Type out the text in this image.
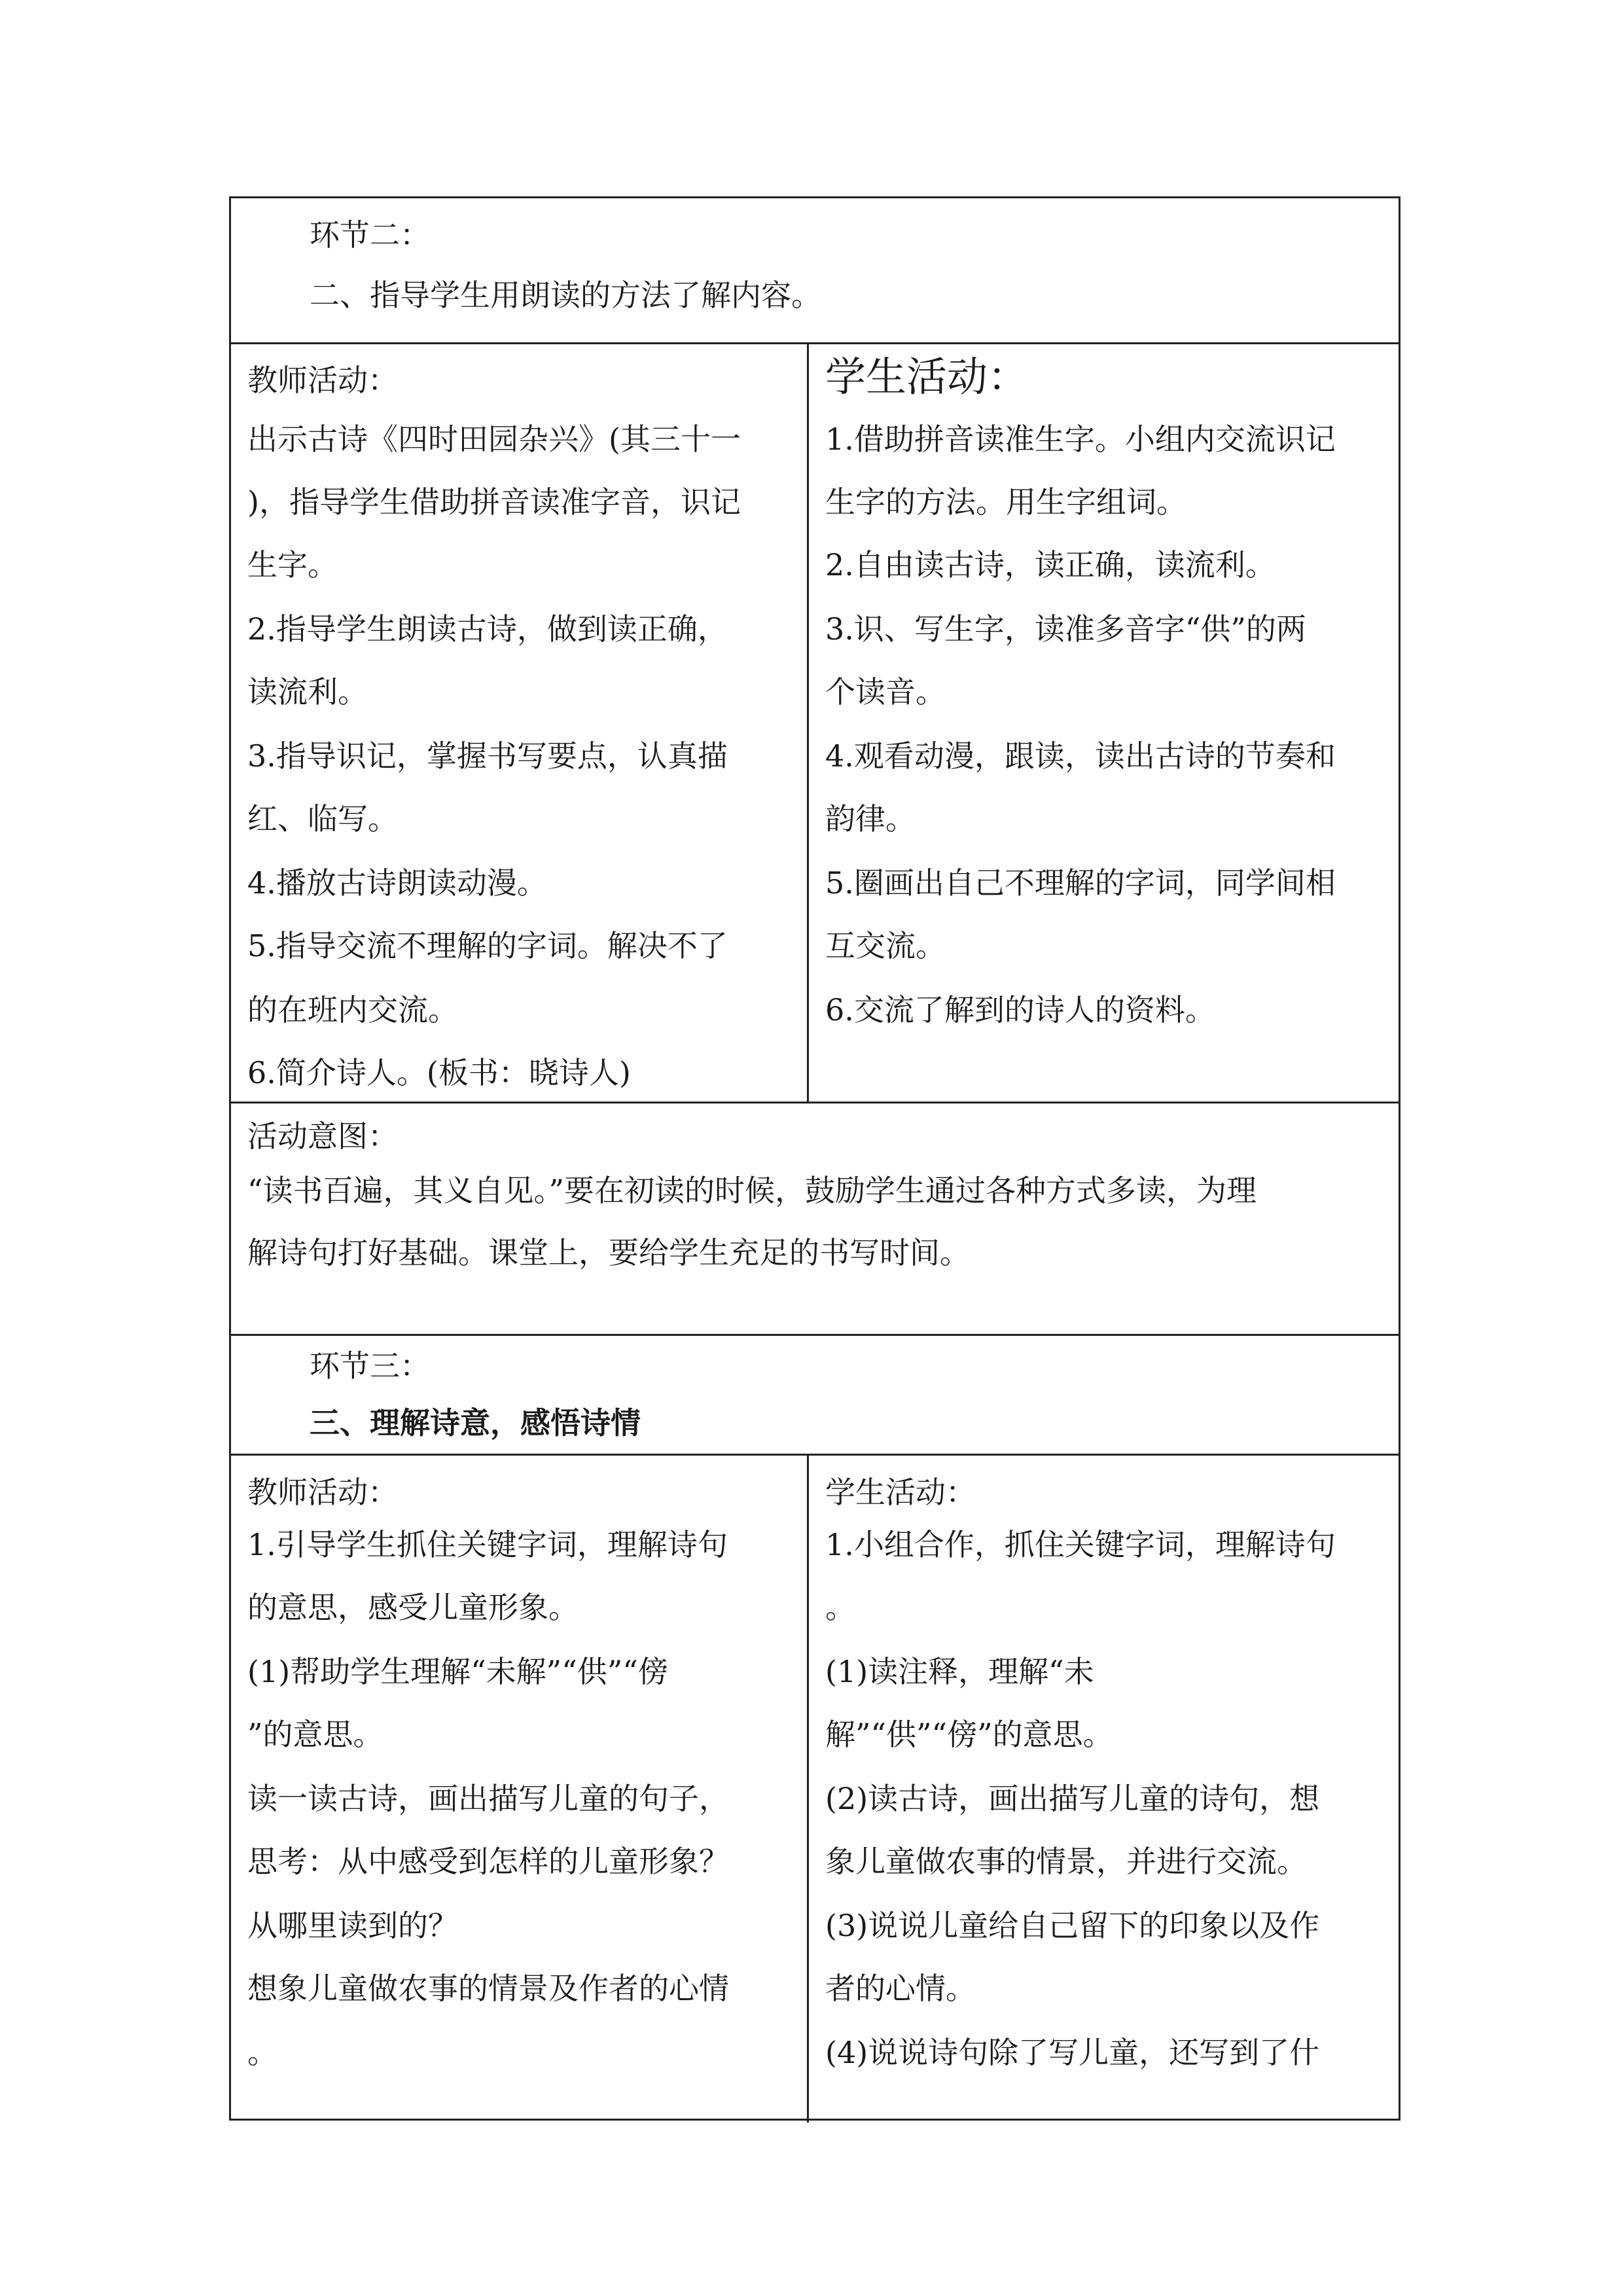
环节二：
二、指导学生用朗读的方法了解内容。
教师活动：
出示古诗《四时田园杂兴》(其三十一
)，指导学生借助拼音读准字音，识记
生字。
2.指导学生朗读古诗，做到读正确，
读流利。
3.指导识记，掌握书写要点，认真描
红、临写。
4.播放古诗朗读动漫。
5.指导交流不理解的字词。解决不了
的在班内交流。
6.简介诗人。(板书：晓诗人)
学生活动：
1.借助拼音读准生字。小组内交流识记
生字的方法。用生字组词。
2.自由读古诗，读正确，读流利。
3.识、写生字，读准多音字“供”的两
个读音。
4.观看动漫，跟读，读出古诗的节奏和
韵律。
5.圈画出自己不理解的字词，同学间相
互交流。
6.交流了解到的诗人的资料。
活动意图：
“读书百遍，其义自见。”要在初读的时候，鼓励学生通过各种方式多读，为理
解诗句打好基础。课堂上，要给学生充足的书写时间。
环节三：
三、理解诗意，感悟诗情
教师活动：
1.引导学生抓住关键字词，理解诗句
的意思，感受儿童形象。
(1)帮助学生理解“未解”“供”“傍
”的意思。
读一读古诗，画出描写儿童的句子，
思考：从中感受到怎样的儿童形象？
从哪里读到的？
想象儿童做农事的情景及作者的心情
。
学生活动：
1.小组合作，抓住关键字词，理解诗句
。
(1)读注释，理解“未
解”“供”“傍”的意思。
(2)读古诗，画出描写儿童的诗句，想
象儿童做农事的情景，并进行交流。
(3)说说儿童给自己留下的印象以及作
者的心情。
(4)说说诗句除了写儿童，还写到了什
